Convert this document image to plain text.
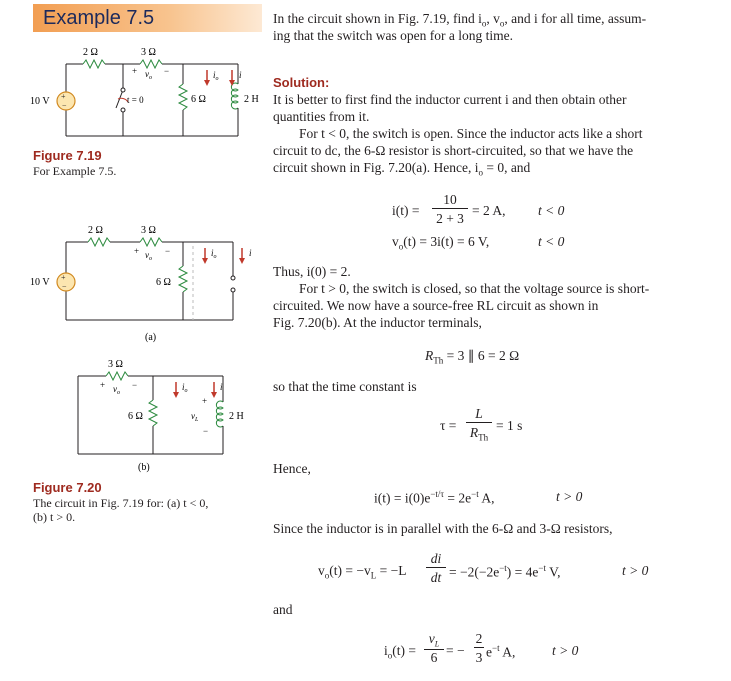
Example 7.5
+
−
+	−
2 Ω	3 Ω
6 Ω	2 H
10 V	t = 0
$v_o$	$i_o$ i
Figure 7.19
For Example 7.5.
+
−
+	−
2 Ω	3 Ω
6 Ω
10 V
(a)
$v_o$
$i_o$	i
+	−
+
−
3 Ω
6 Ω	2 H
(b)
$v_o$
$i_o$	i
$v_L$
Figure 7.20
The circuit in Fig. 7.19 for: (a) t < 0,
(b) t > 0.
In the circuit shown in Fig. 7.19, find $i_o$, $v_o$, and i for all time, assum-
ing that the switch was open for a long time.
Solution:
It is better to first find the inductor current i and then obtain other
quantities from it.
For t < 0, the switch is open. Since the inductor acts like a short
circuit to dc, the 6-Ω resistor is short-circuited, so that we have the
circuit shown in Fig. 7.20(a). Hence, $i_o = 0$, and
i(t) =
10
2 + 3
= 2 A, t < 0
$v_o(t) = 3i(t) = 6$ V,	t < 0
Thus, i(0) = 2.
For t > 0, the switch is closed, so that the voltage source is short-
circuited. We now have a source-free RL circuit as shown in
Fig. 7.20(b). At the inductor terminals,
$R_{Th} = 3$ ∥ 6 = 2 Ω
so that the time constant is
τ =
L
$R_{Th}$
= 1 s
Hence,
$i(t) = i(0)e^{-t/\tau} = 2e^{-t}$ A,	t > 0
Since the inductor is in parallel with the 6-Ω and 3-Ω resistors,
$v_o(t) = -v_L = -L$
di
dt = $-2(-2e^{-t}) = 4e^{-t}$ V,	t > 0
and
$i_o(t)$ =
$v_L$
6 = −
2
3 $e^{-t}$ A,	t > 0
